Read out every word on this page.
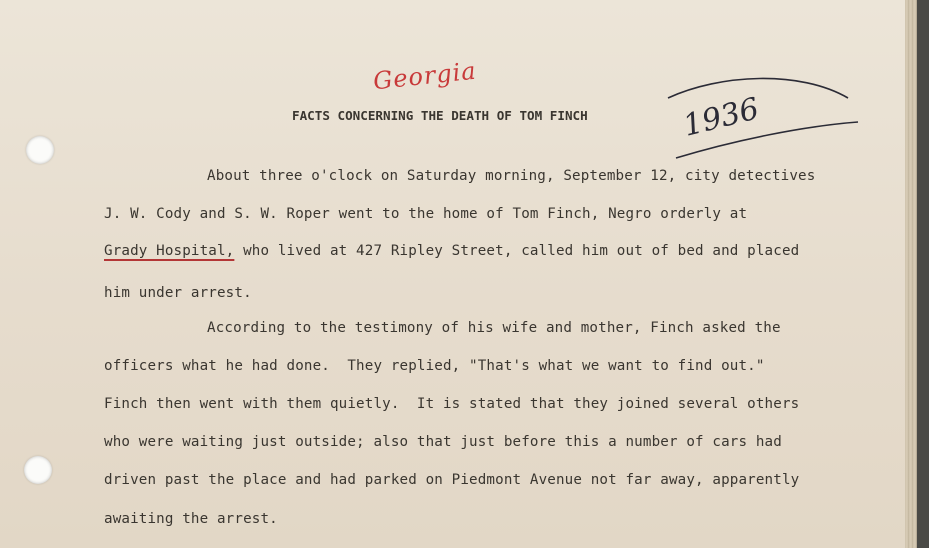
Georgia
1936
FACTS CONCERNING THE DEATH OF TOM FINCH
About three o'clock on Saturday morning, September 12, city detectives
J. W. Cody and S. W. Roper went to the home of Tom Finch, Negro orderly at
Grady Hospital, who lived at 427 Ripley Street, called him out of bed and placed
him under arrest.
According to the testimony of his wife and mother, Finch asked the
officers what he had done.  They replied, "That's what we want to find out."
Finch then went with them quietly.  It is stated that they joined several others
who were waiting just outside; also that just before this a number of cars had
driven past the place and had parked on Piedmont Avenue not far away, apparently
awaiting the arrest.
